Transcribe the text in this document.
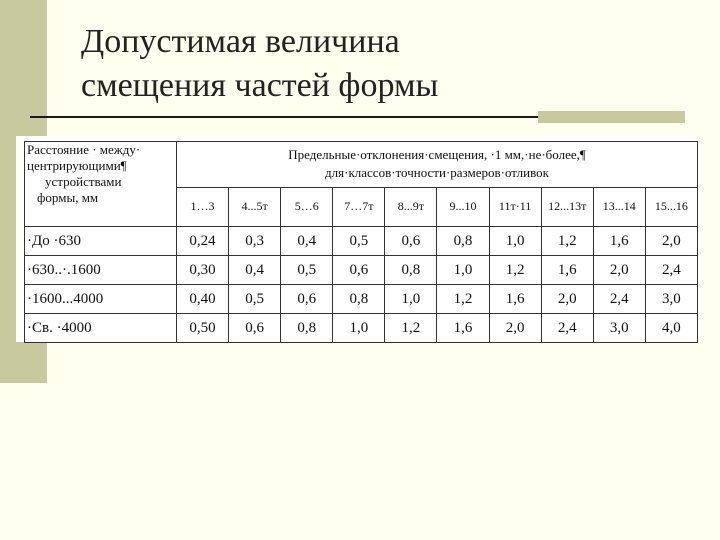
Допустимая величина
смещения частей формы
Расстояние · между·
центрирующими¶
устройствами
формы, мм	Предельные·отклонения·смещения, ·1 мм,·не·более,¶
для·классов·точности·размеров·отливок									

	1…3	4...5т	5…6	7…7т	8...9т	9...10	11т·11	12...13т	13...14	15...16
·До ·630	0,24	0,3	0,4	0,5	0,6	0,8	1,0	1,2	1,6	2,0
·630..·.1600	0,30	0,4	0,5	0,6	0,8	1,0	1,2	1,6	2,0	2,4
·1600...4000	0,40	0,5	0,6	0,8	1,0	1,2	1,6	2,0	2,4	3,0
·Св. ·4000	0,50	0,6	0,8	1,0	1,2	1,6	2,0	2,4	3,0	4,0
